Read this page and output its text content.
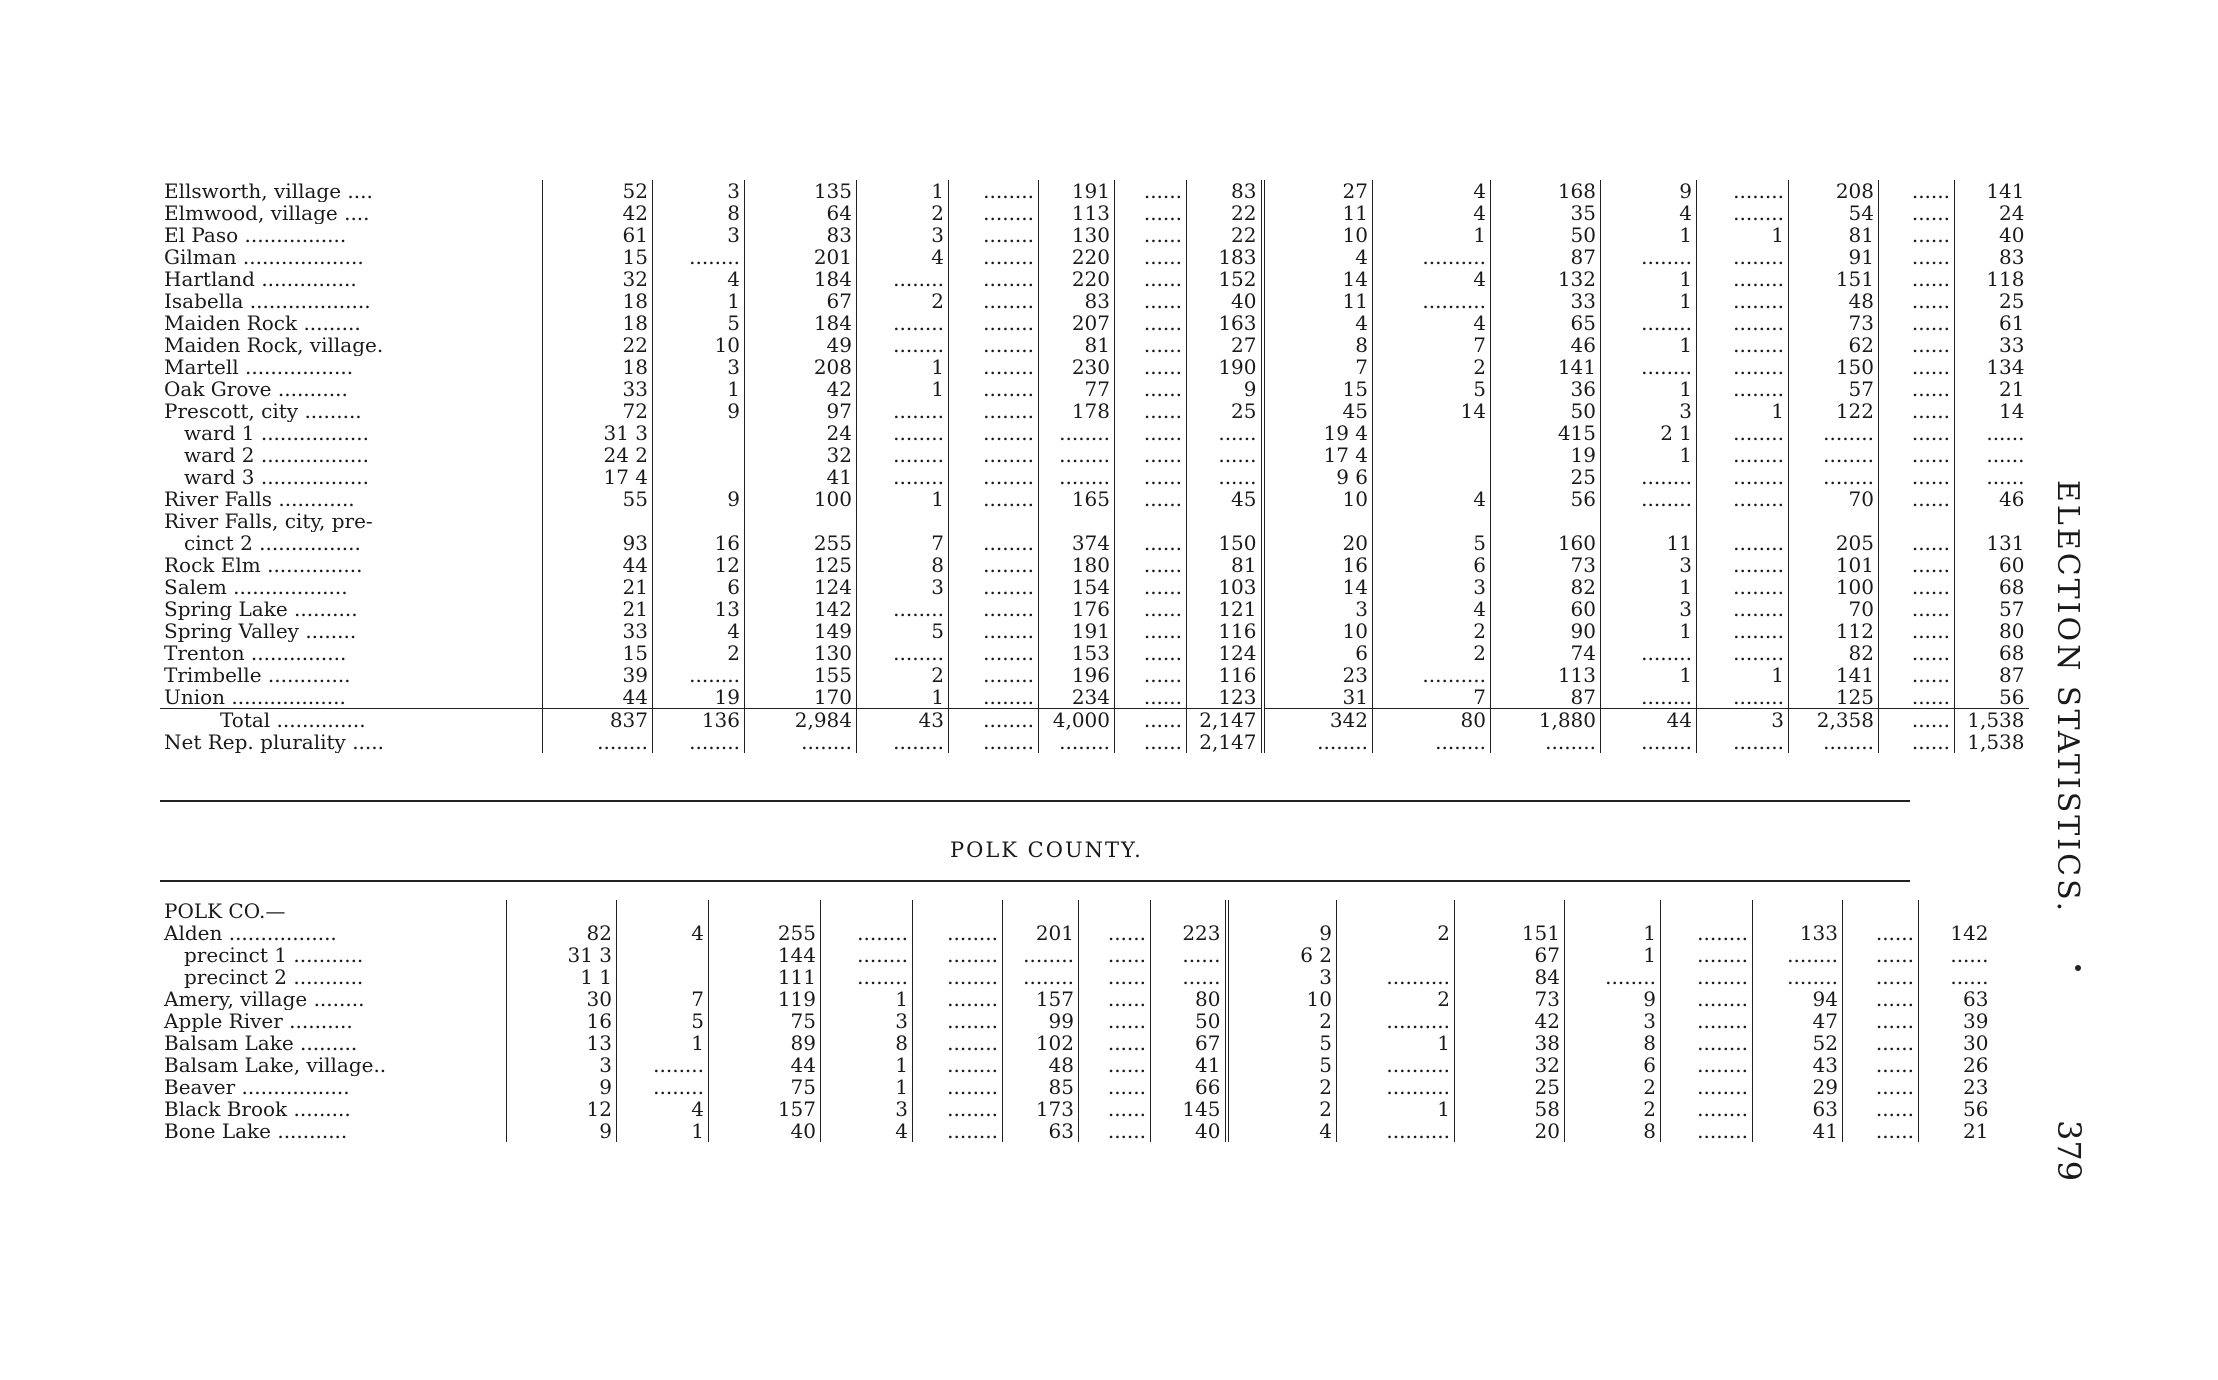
Ellsworth, village ....	52	3	135	1	........	191	......	83	27	4	168	9	........	208	......	141
Elmwood, village ....	42	8	64	2	........	113	......	22	11	4	35	4	........	54	......	24
El Paso ................	61	3	83	3	........	130	......	22	10	1	50	1	1	81	......	40
Gilman ...................	15	........	201	4	........	220	......	183	4	..........	87	........	........	91	......	83
Hartland ...............	32	4	184	........	........	220	......	152	14	4	132	1	........	151	......	118
Isabella ...................	18	1	67	2	........	83	......	40	11	..........	33	1	........	48	......	25
Maiden Rock .........	18	5	184	........	........	207	......	163	4	4	65	........	........	73	......	61
Maiden Rock, village.	22	10	49	........	........	81	......	27	8	7	46	1	........	62	......	33
Martell .................	18	3	208	1	........	230	......	190	7	2	141	........	........	150	......	134
Oak Grove ...........	33	1	42	1	........	77	......	9	15	5	36	1	........	57	......	21
Prescott, city .........	72	9	97	........	........	178	......	25	45	14	50	3	1	122	......	14
ward 1 .................	31 3		24	........	........	........	......	......	19 4		415	2 1	........	........	......	......
ward 2 .................	24 2		32	........	........	........	......	......	17 4		19	1	........	........	......	......
ward 3 .................	17 4		41	........	........	........	......	......	9 6		25	........	........	........	......	......
River Falls ............	55	9	100	1	........	165	......	45	10	4	56	........	........	70	......	46
River Falls, city, pre-																
cinct 2 ................	93	16	255	7	........	374	......	150	20	5	160	11	........	205	......	131
Rock Elm ...............	44	12	125	8	........	180	......	81	16	6	73	3	........	101	......	60
Salem ..................	21	6	124	3	........	154	......	103	14	3	82	1	........	100	......	68
Spring Lake ..........	21	13	142	........	........	176	......	121	3	4	60	3	........	70	......	57
Spring Valley ........	33	4	149	5	........	191	......	116	10	2	90	1	........	112	......	80
Trenton ...............	15	2	130	........	........	153	......	124	6	2	74	........	........	82	......	68
Trimbelle .............	39	........	155	2	........	196	......	116	23	..........	113	1	1	141	......	87
Union ..................	44	19	170	1	........	234	......	123	31	7	87	........	........	125	......	56
Total ..............	837	136	2,984	43	........	4,000	......	2,147	342	80	1,880	44	3	2,358	......	1,538
Net Rep. plurality .....	........	........	........	........	........	........	......	2,147	........	........	........	........	........	........	......	1,538
POLK COUNTY.
POLK CO.—																
Alden .................	82	4	255	........	........	201	......	223	9	2	151	1	........	133	......	142
precinct 1 ...........	31 3		144	........	........	........	......	......	6 2		67	1	........	........	......	......
precinct 2 ...........	1 1		111	........	........	........	......	......	3	..........	84	........	........	........	......	......
Amery, village ........	30	7	119	1	........	157	......	80	10	2	73	9	........	94	......	63
Apple River ..........	16	5	75	3	........	99	......	50	2	..........	42	3	........	47	......	39
Balsam Lake .........	13	1	89	8	........	102	......	67	5	1	38	8	........	52	......	30
Balsam Lake, village..	3	........	44	1	........	48	......	41	5	..........	32	6	........	43	......	26
Beaver .................	9	........	75	1	........	85	......	66	2	..........	25	2	........	29	......	23
Black Brook .........	12	4	157	3	........	173	......	145	2	1	58	2	........	63	......	56
Bone Lake ...........	9	1	40	4	........	63	......	40	4	..........	20	8	........	41	......	21
ELECTION STATISTICS.
379
